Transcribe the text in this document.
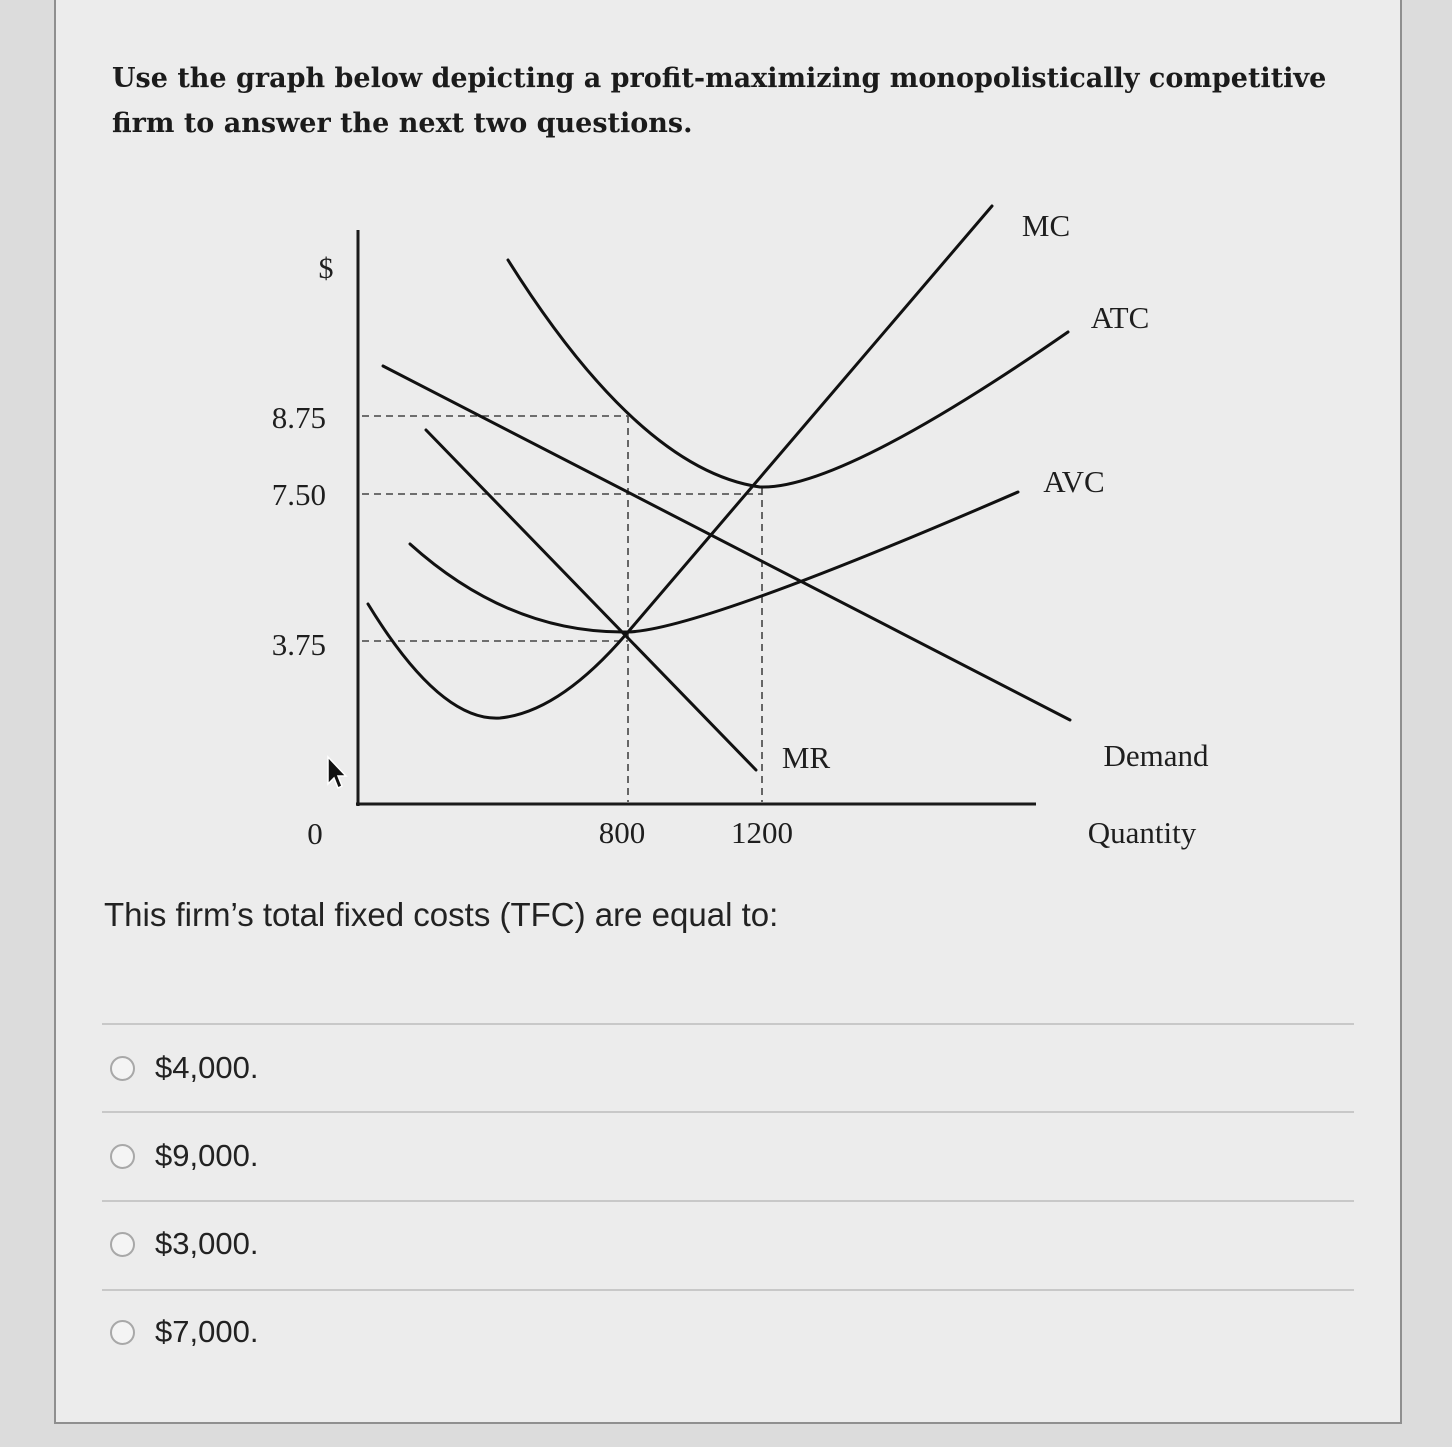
Use the graph below depicting a profit-maximizing monopolistically competitive firm to answer the next two questions.
$
8.75
7.50
3.75
0	800	1200	Quantity
MC
ATC
AVC
MR	Demand
This firm’s total fixed costs (TFC) are equal to:
$4,000.
$9,000.
$3,000.
$7,000.
